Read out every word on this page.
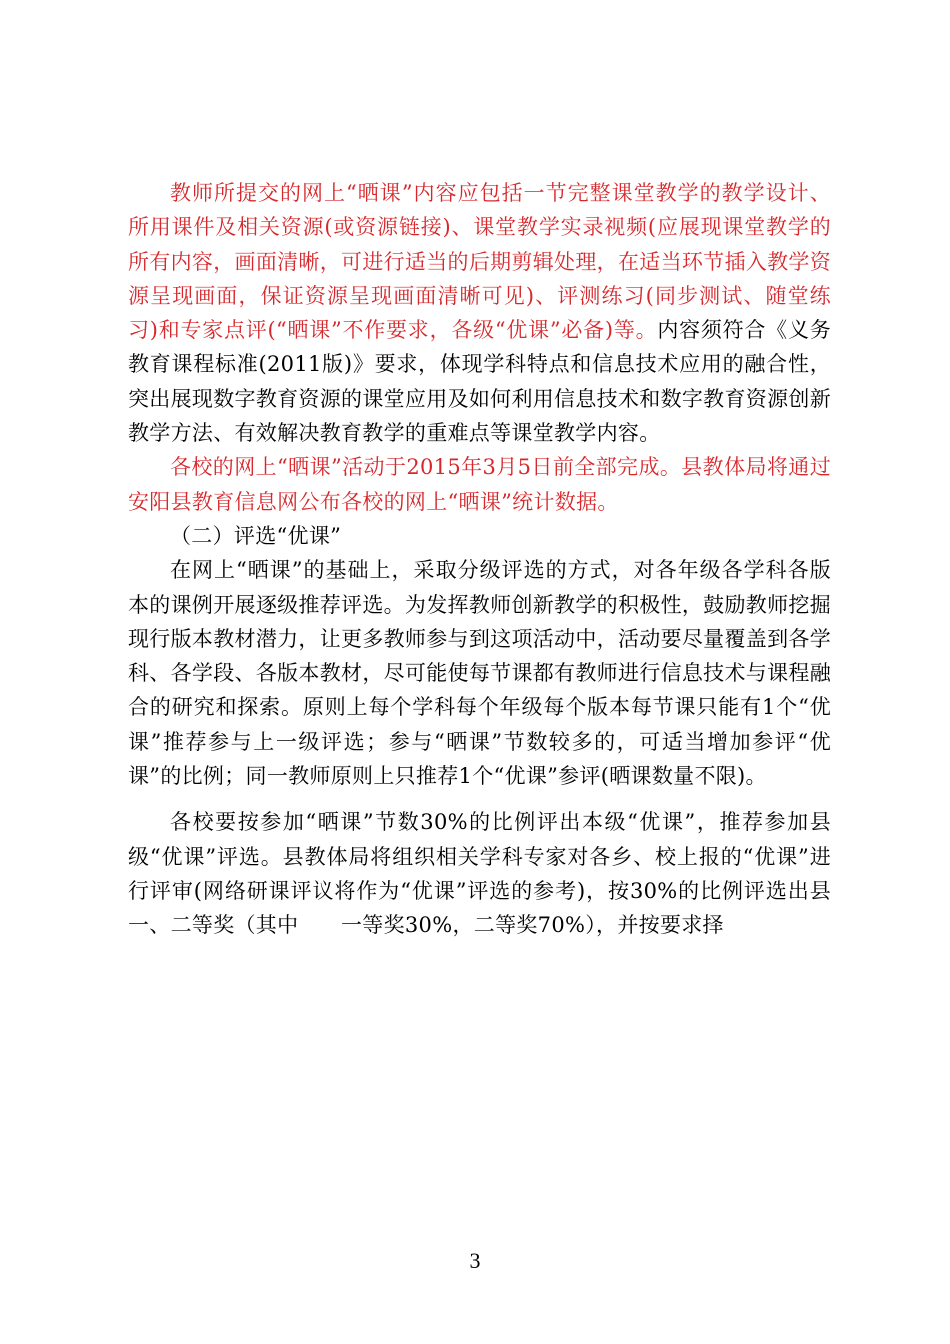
教师所提交的网上“晒课”内容应包括一节完整课堂教学的教学设计、所用课件及相关资源(或资源链接)、课堂教学实录视频(应展现课堂教学的所有内容，画面清晰，可进行适当的后期剪辑处理，在适当环节插入教学资源呈现画面，保证资源呈现画面清晰可见)、评测练习(同步测试、随堂练习)和专家点评(“晒课”不作要求，各级“优课”必备)等。内容须符合《义务教育课程标准(2011版)》要求，体现学科特点和信息技术应用的融合性，突出展现数字教育资源的课堂应用及如何利用信息技术和数字教育资源创新教学方法、有效解决教育教学的重难点等课堂教学内容。

各校的网上“晒课”活动于2015年3月5日前全部完成。县教体局将通过安阳县教育信息网公布各校的网上“晒课”统计数据。

（二）评选“优课”

在网上“晒课”的基础上，采取分级评选的方式，对各年级各学科各版本的课例开展逐级推荐评选。为发挥教师创新教学的积极性，鼓励教师挖掘现行版本教材潜力，让更多教师参与到这项活动中，活动要尽量覆盖到各学科、各学段、各版本教材，尽可能使每节课都有教师进行信息技术与课程融合的研究和探索。原则上每个学科每个年级每个版本每节课只能有1个“优课”推荐参与上一级评选；参与“晒课”节数较多的，可适当增加参评“优课”的比例；同一教师原则上只推荐1个“优课”参评(晒课数量不限)。

各校要按参加“晒课”节数30%的比例评出本级“优课”，推荐参加县级“优课”评选。县教体局将组织相关学科专家对各乡、校上报的“优课”进行评审(网络研课评议将作为“优课”评选的参考)，按30%的比例评选出县一、二等奖（其中　　一等奖30%，二等奖70%），并按要求择

3
